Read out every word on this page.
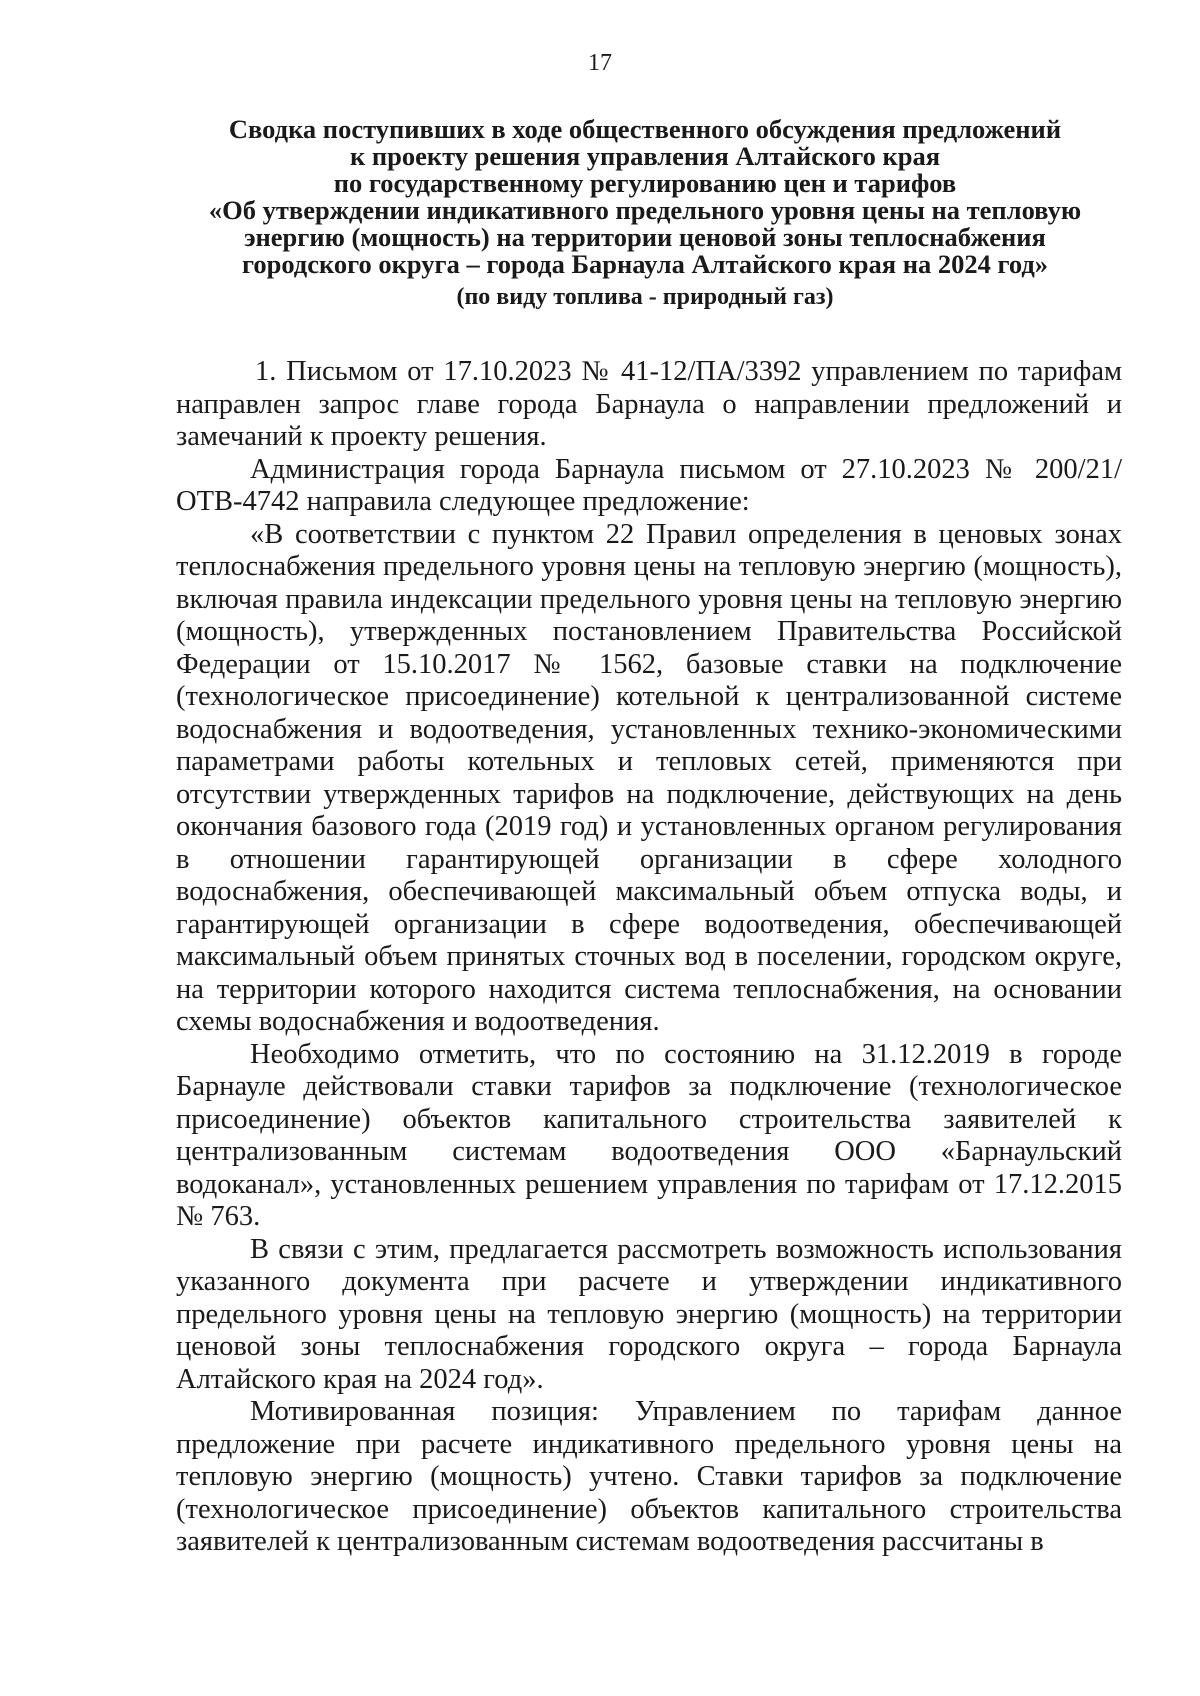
17
Сводка поступивших в ходе общественного обсуждения предложений
к проекту решения управления Алтайского края
по государственному регулированию цен и тарифов
«Об утверждении индикативного предельного уровня цены на тепловую
энергию (мощность) на территории ценовой зоны теплоснабжения
городского округа – города Барнаула Алтайского края на 2024 год»
(по виду топлива - природный газ)

1. Письмом от 17.10.2023 № 41-12/ПА/3392 управлением по тарифам направлен запрос главе города Барнаула о направлении предложений и замечаний к проекту решения.

Администрация города Барнаула письмом от 27.10.2023 № 200/21/ОТВ-4742 направила следующее предложение:

«В соответствии с пунктом 22 Правил определения в ценовых зонах теплоснабжения предельного уровня цены на тепловую энергию (мощность), включая правила индексации предельного уровня цены на тепловую энергию (мощность), утвержденных постановлением Правительства Российской Федерации от 15.10.2017 № 1562, базовые ставки на подключение (технологическое присоединение) котельной к централизованной системе водоснабжения и водоотведения, установленных технико-экономическими параметрами работы котельных и тепловых сетей, применяются при отсутствии утвержденных тарифов на подключение, действующих на день окончания базового года (2019 год) и установленных органом регулирования в отношении гарантирующей организации в сфере холодного водоснабжения, обеспечивающей максимальный объем отпуска воды, и гарантирующей организации в сфере водоотведения, обеспечивающей максимальный объем принятых сточных вод в поселении, городском округе, на территории которого находится система теплоснабжения, на основании схемы водоснабжения и водоотведения.

Необходимо отметить, что по состоянию на 31.12.2019 в городе Барнауле действовали ставки тарифов за подключение (технологическое присоединение) объектов капитального строительства заявителей к централизованным системам водоотведения ООО «Барнаульский водоканал», установленных решением управления по тарифам от 17.12.2015 № 763.

В связи с этим, предлагается рассмотреть возможность использования указанного документа при расчете и утверждении индикативного предельного уровня цены на тепловую энергию (мощность) на территории ценовой зоны теплоснабжения городского округа – города Барнаула Алтайского края на 2024 год».

Мотивированная позиция: Управлением по тарифам данное предложение при расчете индикативного предельного уровня цены на тепловую энергию (мощность) учтено. Ставки тарифов за подключение (технологическое присоединение) объектов капитального строительства заявителей к централизованным системам водоотведения рассчитаны в
